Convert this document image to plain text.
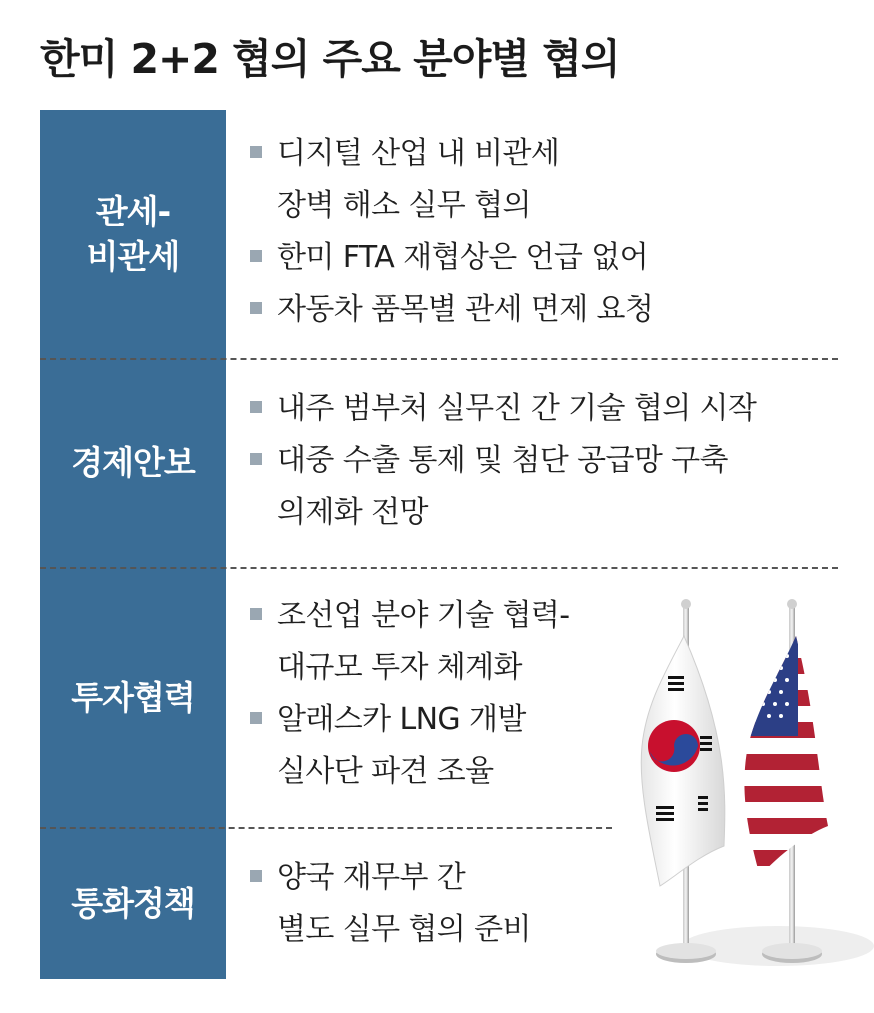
한미 2+2 협의 주요 분야별 협의
관세-
비관세
디지털 산업 내 비관세
장벽 해소 실무 협의
한미 FTA 재협상은 언급 없어
자동차 품목별 관세 면제 요청
경제안보
내주 범부처 실무진 간 기술 협의 시작
대중 수출 통제 및 첨단 공급망 구축
의제화 전망
투자협력
조선업 분야 기술 협력-
대규모 투자 체계화
알래스카 LNG 개발
실사단 파견 조율
통화정책
양국 재무부 간
별도 실무 협의 준비
